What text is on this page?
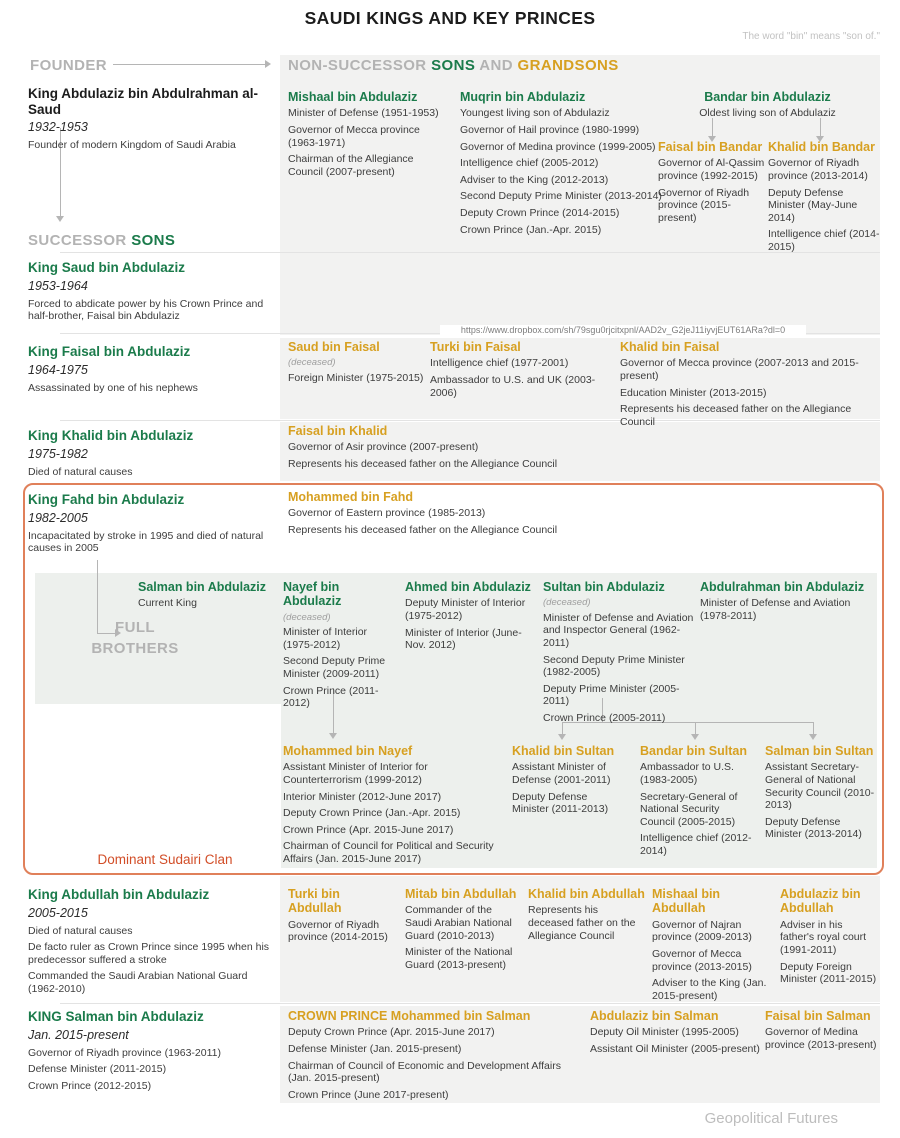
Dominant Sudairi Clan
SAUDI KINGS AND KEY PRINCES
The word "bin" means "son of."
Geopolitical Futures
https://www.dropbox.com/sh/79sgu0rjcitxpnl/AAD2v_G2jeJ11iyvjEUT61ARa?dl=0
FOUNDER	NON-SUCCESSOR SONS AND GRANDSONS
SUCCESSOR SONS
FULL
BROTHERS
King Abdulaziz bin Abdulrahman al-Saud
1932-1953
Founder of modern Kingdom of Saudi Arabia
King Saud bin Abdulaziz
1953-1964
Forced to abdicate power by his Crown Prince and half-brother, Faisal bin Abdulaziz
King Faisal bin Abdulaziz
1964-1975
Assassinated by one of his nephews
King Khalid bin Abdulaziz
1975-1982
Died of natural causes
King Fahd bin Abdulaziz
1982-2005
Incapacitated by stroke in 1995 and died of natural causes in 2005
King Abdullah bin Abdulaziz
2005-2015
Died of natural causes
De facto ruler as Crown Prince since 1995 when his predecessor suffered a stroke
Commanded the Saudi Arabian National Guard (1962-2010)
KING Salman bin Abdulaziz
Jan. 2015-present
Governor of Riyadh province (1963-2011)
Defense Minister (2011-2015)
Crown Prince (2012-2015)
Mishaal bin Abdulaziz
Minister of Defense (1951-1953)
Governor of Mecca province (1963-1971)
Chairman of the Allegiance Council (2007-present)
Muqrin bin Abdulaziz
Youngest living son of Abdulaziz
Governor of Hail province (1980-1999)
Governor of Medina province (1999-2005)
Intelligence chief (2005-2012)
Adviser to the King (2012-2013)
Second Deputy Prime Minister (2013-2014)
Deputy Crown Prince (2014-2015)
Crown Prince (Jan.-Apr. 2015)
Bandar bin Abdulaziz
Oldest living son of Abdulaziz
Faisal bin Bandar
Governor of Al-Qassim province (1992-2015)
Governor of Riyadh province (2015-present)
Khalid bin Bandar
Governor of Riyadh province (2013-2014)
Deputy Defense Minister (May-June 2014)
Intelligence chief (2014-2015)
Saud bin Faisal
(deceased)
Foreign Minister (1975-2015)
Turki bin Faisal
Intelligence chief (1977-2001)
Ambassador to U.S. and UK (2003-2006)
Khalid bin Faisal
Governor of Mecca province (2007-2013 and 2015-present)
Education Minister (2013-2015)
Represents his deceased father on the Allegiance Council
Faisal bin Khalid
Governor of Asir province (2007-present)
Represents his deceased father on the Allegiance Council
Mohammed bin Fahd
Governor of Eastern province (1985-2013)
Represents his deceased father on the Allegiance Council
Salman bin Abdulaziz
Current King
Nayef bin Abdulaziz
(deceased)
Minister of Interior (1975-2012)
Second Deputy Prime Minister (2009-2011)
Crown Prince (2011-2012)
Ahmed bin Abdulaziz
Deputy Minister of Interior (1975-2012)
Minister of Interior (June-Nov. 2012)
Sultan bin Abdulaziz
(deceased)
Minister of Defense and Aviation and Inspector General (1962-2011)
Second Deputy Prime Minister (1982-2005)
Deputy Prime Minister (2005-2011)
Crown Prince (2005-2011)
Abdulrahman bin Abdulaziz
Minister of Defense and Aviation (1978-2011)
Mohammed bin Nayef
Assistant Minister of Interior for Counterterrorism (1999-2012)
Interior Minister (2012-June 2017)
Deputy Crown Prince (Jan.-Apr. 2015)
Crown Prince (Apr. 2015-June 2017)
Chairman of Council for Political and Security Affairs (Jan. 2015-June 2017)
Khalid bin Sultan
Assistant Minister of Defense (2001-2011)
Deputy Defense Minister (2011-2013)
Bandar bin Sultan
Ambassador to U.S. (1983-2005)
Secretary-General of National Security Council (2005-2015)
Intelligence chief (2012-2014)
Salman bin Sultan
Assistant Secretary-General of National Security Council (2010-2013)
Deputy Defense Minister (2013-2014)
Turki bin Abdullah
Governor of Riyadh province (2014-2015)
Mitab bin Abdullah
Commander of the Saudi Arabian National Guard (2010-2013)
Minister of the National Guard (2013-present)
Khalid bin Abdullah
Represents his deceased father on the Allegiance Council
Mishaal bin Abdullah
Governor of Najran province (2009-2013)
Governor of Mecca province (2013-2015)
Adviser to the King (Jan. 2015-present)
Abdulaziz bin Abdullah
Adviser in his father's royal court (1991-2011)
Deputy Foreign Minister (2011-2015)
CROWN PRINCE Mohammed bin Salman
Deputy Crown Prince (Apr. 2015-June 2017)
Defense Minister (Jan. 2015-present)
Chairman of Council of Economic and Development Affairs (Jan. 2015-present)
Crown Prince (June 2017-present)
Abdulaziz bin Salman
Deputy Oil Minister (1995-2005)
Assistant Oil Minister (2005-present)
Faisal bin Salman
Governor of Medina province (2013-present)
